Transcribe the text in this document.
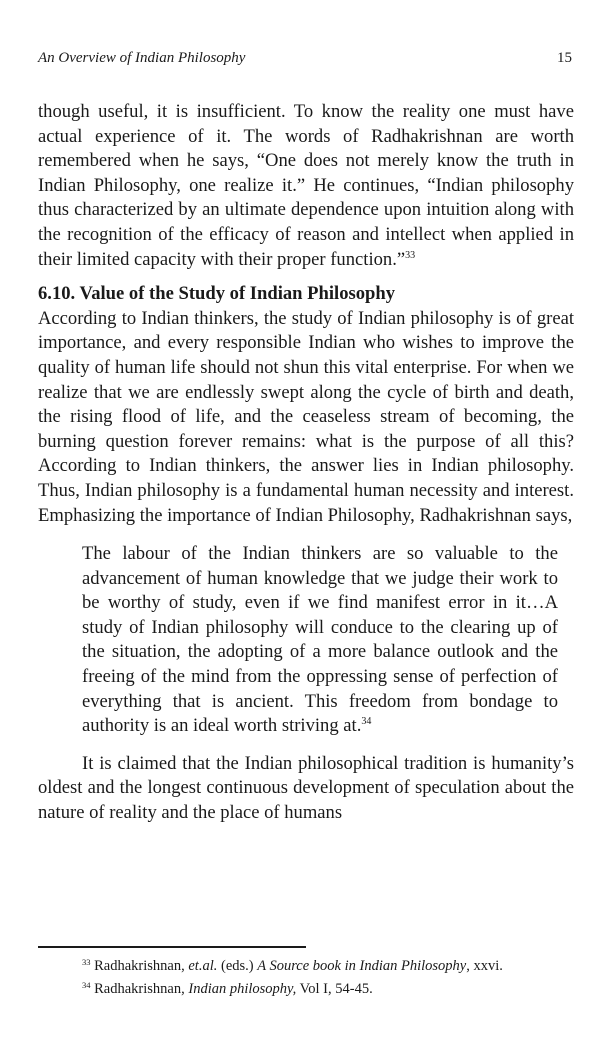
An Overview of Indian Philosophy	15

though useful, it is insufficient. To know the reality one must have actual experience of it. The words of Radhakrishnan are worth remembered when he says, “One does not merely know the truth in Indian Philosophy, one realize it.” He continues, “Indian philosophy thus characterized by an ultimate dependence upon intuition along with the recognition of the efficacy of reason and intellect when applied in their limited capacity with their proper function.”$^{33}$

6.10. Value of the Study of Indian Philosophy

According to Indian thinkers, the study of Indian philosophy is of great importance, and every responsible Indian who wishes to improve the quality of human life should not shun this vital enterprise. For when we realize that we are endlessly swept along the cycle of birth and death, the rising flood of life, and the ceaseless stream of becoming, the burning question forever remains: what is the purpose of all this? According to Indian thinkers, the answer lies in Indian philosophy. Thus, Indian philosophy is a fundamental human necessity and interest. Emphasizing the importance of Indian Philosophy, Radhakrishnan says,

The labour of the Indian thinkers are so valuable to the advancement of human knowledge that we judge their work to be worthy of study, even if we find manifest error in it…A study of Indian philosophy will conduce to the clearing up of the situation, the adopting of a more balance outlook and the freeing of the mind from the oppressing sense of perfection of everything that is ancient. This freedom from bondage to authority is an ideal worth striving at.$^{34}$

It is claimed that the Indian philosophical tradition is humanity’s oldest and the longest continuous development of speculation about the nature of reality and the place of humans

$^{33}$ Radhakrishnan, et.al. (eds.) A Source book in Indian Philosophy, xxvi.
$^{34}$ Radhakrishnan, Indian philosophy, Vol I, 54-45.
